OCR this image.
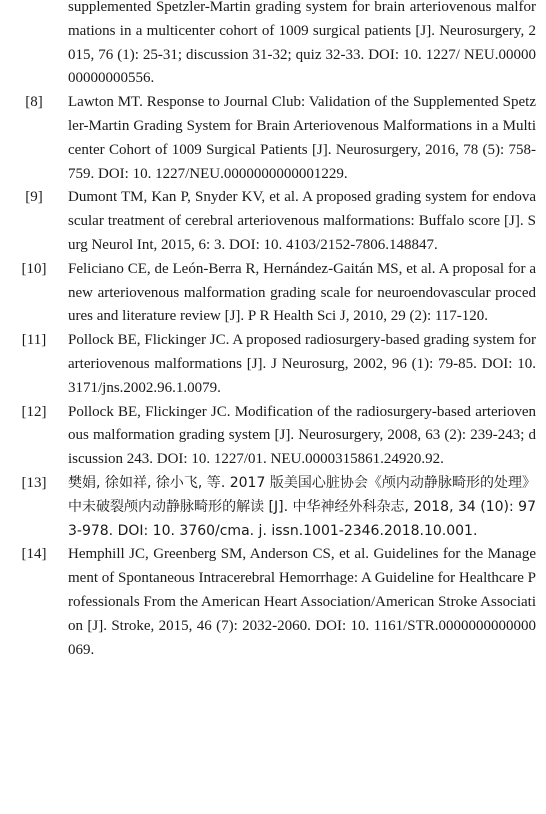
supplemented Spetzler-Martin grading system for brain arteriovenous malformations in a multicenter cohort of 1009 surgical patients [J]. Neurosurgery, 2015, 76 (1): 25-31; discussion 31-32; quiz 32-33. DOI: 10. 1227/ NEU.0000000000000556.
[8]	Lawton MT. Response to Journal Club: Validation of the Supplemented Spetzler-Martin Grading System for Brain Arteriovenous Malformations in a Multicenter Cohort of 1009 Surgical Patients [J]. Neurosurgery, 2016, 78 (5): 758-759. DOI: 10. 1227/NEU.0000000000001229.
[9]	Dumont TM, Kan P, Snyder KV, et al. A proposed grading system for endovascular treatment of cerebral arteriovenous malformations: Buffalo score [J]. Surg Neurol Int, 2015, 6: 3. DOI: 10. 4103/2152-7806.148847.
[10]	Feliciano CE, de León-Berra R, Hernández-Gaitán MS, et al. A proposal for a new arteriovenous malformation grading scale for neuroendovascular procedures and literature review [J]. P R Health Sci J, 2010, 29 (2): 117-120.
[11]	Pollock BE, Flickinger JC. A proposed radiosurgery-based grading system for arteriovenous malformations [J]. J Neurosurg, 2002, 96 (1): 79-85. DOI: 10. 3171/jns.2002.96.1.0079.
[12]	Pollock BE, Flickinger JC. Modification of the radiosurgery-based arteriovenous malformation grading system [J]. Neurosurgery, 2008, 63 (2): 239-243; discussion 243. DOI: 10. 1227/01. NEU.0000315861.24920.92.
[13]	樊娟, 徐如祥, 徐小飞, 等. 2017 版美国心脏协会《颅内动静脉畸形的处理》中未破裂颅内动静脉畸形的解读 [J]. 中华神经外科杂志, 2018, 34 (10): 973-978. DOI: 10. 3760/cma. j. issn.1001-2346.2018.10.001.
[14]	Hemphill JC, Greenberg SM, Anderson CS, et al. Guidelines for the Management of Spontaneous Intracerebral Hemorrhage: A Guideline for Healthcare Professionals From the American Heart Association/American Stroke Association [J]. Stroke, 2015, 46 (7): 2032-2060. DOI: 10. 1161/STR.0000000000000069.
